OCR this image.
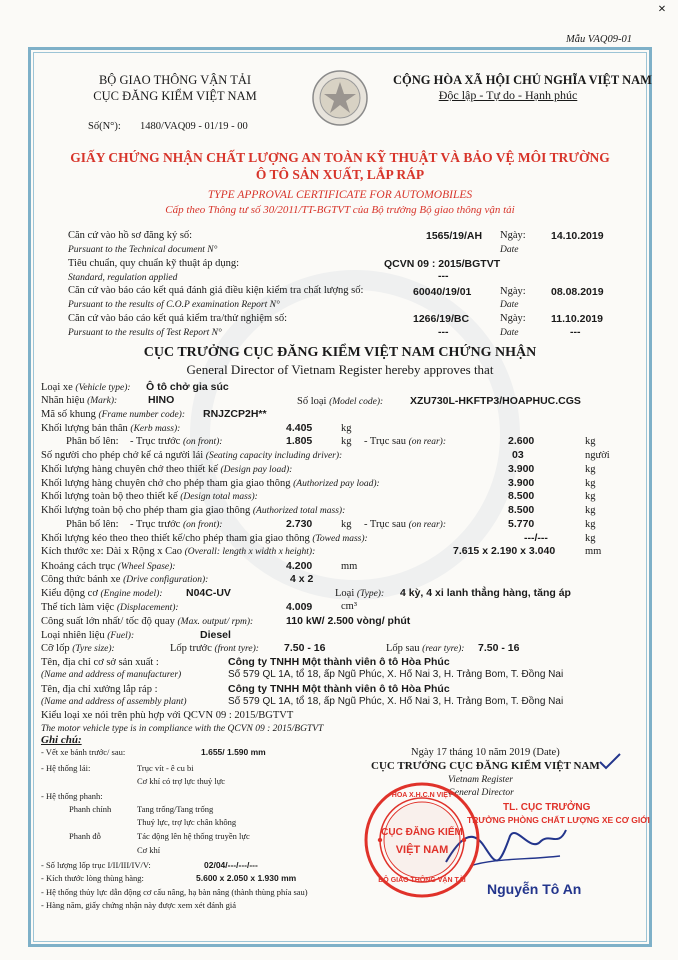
Mẫu VAQ09-01
×
BỘ GIAO THÔNG VẬN TẢI
CỤC ĐĂNG KIỂM VIỆT NAM
CỘNG HÒA XÃ HỘI CHỦ NGHĨA VIỆT NAM
Độc lập - Tự do - Hạnh phúc
Số(N°): 1480/VAQ09 - 01/19 - 00
GIẤY CHỨNG NHẬN CHẤT LƯỢNG AN TOÀN KỸ THUẬT VÀ BẢO VỆ MÔI TRƯỜNG
Ô TÔ SẢN XUẤT, LẮP RÁP
TYPE APPROVAL CERTIFICATE FOR AUTOMOBILES
Cấp theo Thông tư số 30/2011/TT-BGTVT của Bộ trưởng Bộ giao thông vận tải
Căn cứ vào hồ sơ đăng ký số:	1565/19/AH Ngày: 14.10.2019
Pursuant to the Technical document N°	Date
Tiêu chuẩn, quy chuẩn kỹ thuật áp dụng:	QCVN 09 : 2015/BGTVT
Standard, regulation applied	---
Căn cứ vào báo cáo kết quả đánh giá điều kiện kiểm tra chất lượng số:	60040/19/01	Ngày: 08.08.2019
Pursuant to the results of C.O.P examination Report N°	Date
Căn cứ vào báo cáo kết quả kiểm tra/thử nghiệm số:	1266/19/BC	Ngày: 11.10.2019
Pursuant to the results of Test Report N°	---	Date	---
CỤC TRƯỞNG CỤC ĐĂNG KIỂM VIỆT NAM CHỨNG NHẬN
General Director of Vietnam Register hereby approves that
Loại xe (Vehicle type): Ô tô chở gia súc
Nhãn hiệu (Mark):	HINO	Số loại (Model code):	XZU730L-HKFTP3/HOAPHUC.CGS
Mã số khung (Frame number code): RNJZCP2H**
Khối lượng bản thân (Kerb mass):	4.405	kg
Phân bố lên: - Trục trước (on front):	1.805	kg - Trục sau (on rear):	2.600	kg
Số người cho phép chở kể cả người lái (Seating capacity including driver):	03	người
Khối lượng hàng chuyên chở theo thiết kế (Design pay load):	3.900	kg
Khối lượng hàng chuyên chở cho phép tham gia giao thông (Authorized pay load):	3.900	kg
Khối lượng toàn bộ theo thiết kế (Design total mass):	8.500	kg
Khối lượng toàn bộ cho phép tham gia giao thông (Authorized total mass):	8.500	kg
Phân bố lên: - Trục trước (on front):	2.730	kg - Trục sau (on rear):	5.770	kg
Khối lượng kéo theo theo thiết kế/cho phép tham gia giao thông (Towed mass):	---/---	kg
Kích thước xe: Dài x Rộng x Cao (Overall: length x width x height):	7.615 x 2.190 x 3.040	mm
Khoảng cách trục (Wheel Spase):	4.200	mm
Công thức bánh xe (Drive configuration):	4 x 2
Kiểu động cơ (Engine model): N04C-UV	Loại (Type): 4 kỳ, 4 xi lanh thẳng hàng, tăng áp
Thể tích làm việc (Displacement):	4.009	cm³
Công suất lớn nhất/ tốc độ quay (Max. output/ rpm):	110 kW/ 2.500 vòng/ phút
Loại nhiên liệu (Fuel):	Diesel
Cỡ lốp (Tyre size):	Lốp trước (front tyre): 7.50 - 16	Lốp sau (rear tyre): 7.50 - 16
Tên, địa chỉ cơ sở sản xuất :	Công ty TNHH Một thành viên ô tô Hòa Phúc
(Name and address of manufacturer)	Số 579 QL 1A, tổ 18, ấp Ngũ Phúc, X. Hố Nai 3, H. Trảng Bom, T. Đồng Nai
Tên, địa chỉ xưởng lắp ráp :	Công ty TNHH Một thành viên ô tô Hòa Phúc
(Name and address of assembly plant)	Số 579 QL 1A, tổ 18, ấp Ngũ Phúc, X. Hố Nai 3, H. Trảng Bom, T. Đồng Nai
Kiểu loại xe nói trên phù hợp với QCVN 09 : 2015/BGTVT
The motor vehicle type is in compliance with the QCVN 09 : 2015/BGTVT
Ghi chú:
- Vết xe bánh trước/ sau:	1.655/ 1.590 mm
- Hệ thống lái:	Trục vít - ê cu bi
Cơ khí có trợ lực thuỷ lực
- Hệ thống phanh:
Phanh chính	Tang trống/Tang trống
Thuỷ lực, trợ lực chân không
Phanh đỗ	Tác động lên hệ thống truyền lực
Cơ khí
- Số lượng lốp trục I/II/III/IV/V:	02/04/---/---/---
- Kích thước lòng thùng hàng:	5.600 x 2.050 x 1.930 mm
- Hệ thống thủy lực dẫn động cơ cấu nâng, hạ bàn nâng (thành thùng phía sau)
- Hàng năm, giấy chứng nhận này được xem xét đánh giá
Ngày 17 tháng 10 năm 2019 (Date)
CỤC TRƯỞNG CỤC ĐĂNG KIỂM VIỆT NAM
Vietnam Register
General Director
TL. CỤC TRƯỞNG
TRƯỞNG PHÒNG CHẤT LƯỢNG XE CƠ GIỚI
Nguyễn Tô An
HOA X.H.C.N VIỆT
BỘ GIAO THÔNG VẬN TẢI
CỤC ĐĂNG KIỂM
VIỆT NAM
